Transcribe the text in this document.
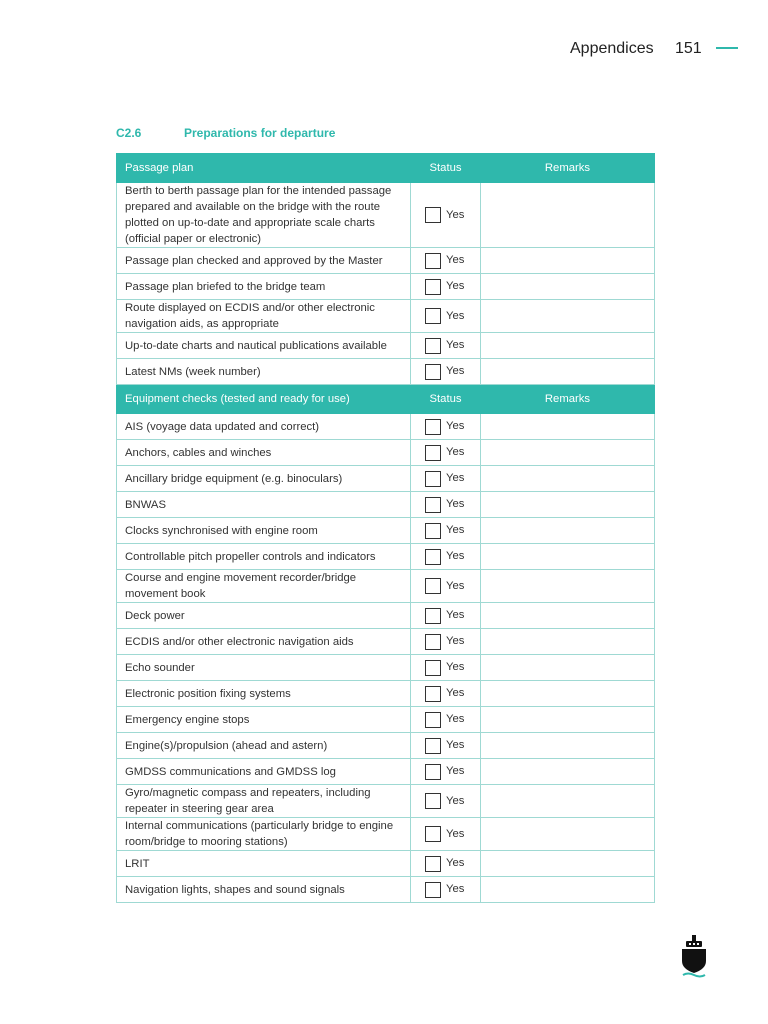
Appendices 151
C2.6	Preparations for departure
Passage plan	Status	Remarks
Berth to berth passage plan for the intended passage prepared and available on the bridge with the route plotted on up-to-date and appropriate scale charts (official paper or electronic)	Yes	
Passage plan checked and approved by the Master	Yes	
Passage plan briefed to the bridge team	Yes	
Route displayed on ECDIS and/or other electronic navigation aids, as appropriate	Yes	
Up-to-date charts and nautical publications available	Yes	
Latest NMs (week number)	Yes	
Equipment checks (tested and ready for use)	Status	Remarks
AIS (voyage data updated and correct)	Yes	
Anchors, cables and winches	Yes	
Ancillary bridge equipment (e.g. binoculars)	Yes	
BNWAS	Yes	
Clocks synchronised with engine room	Yes	
Controllable pitch propeller controls and indicators	Yes	
Course and engine movement recorder/bridge movement book	Yes	
Deck power	Yes	
ECDIS and/or other electronic navigation aids	Yes	
Echo sounder	Yes	
Electronic position fixing systems	Yes	
Emergency engine stops	Yes	
Engine(s)/propulsion (ahead and astern)	Yes	
GMDSS communications and GMDSS log	Yes	
Gyro/magnetic compass and repeaters, including repeater in steering gear area	Yes	
Internal communications (particularly bridge to engine room/bridge to mooring stations)	Yes	
LRIT	Yes	
Navigation lights, shapes and sound signals	Yes	
